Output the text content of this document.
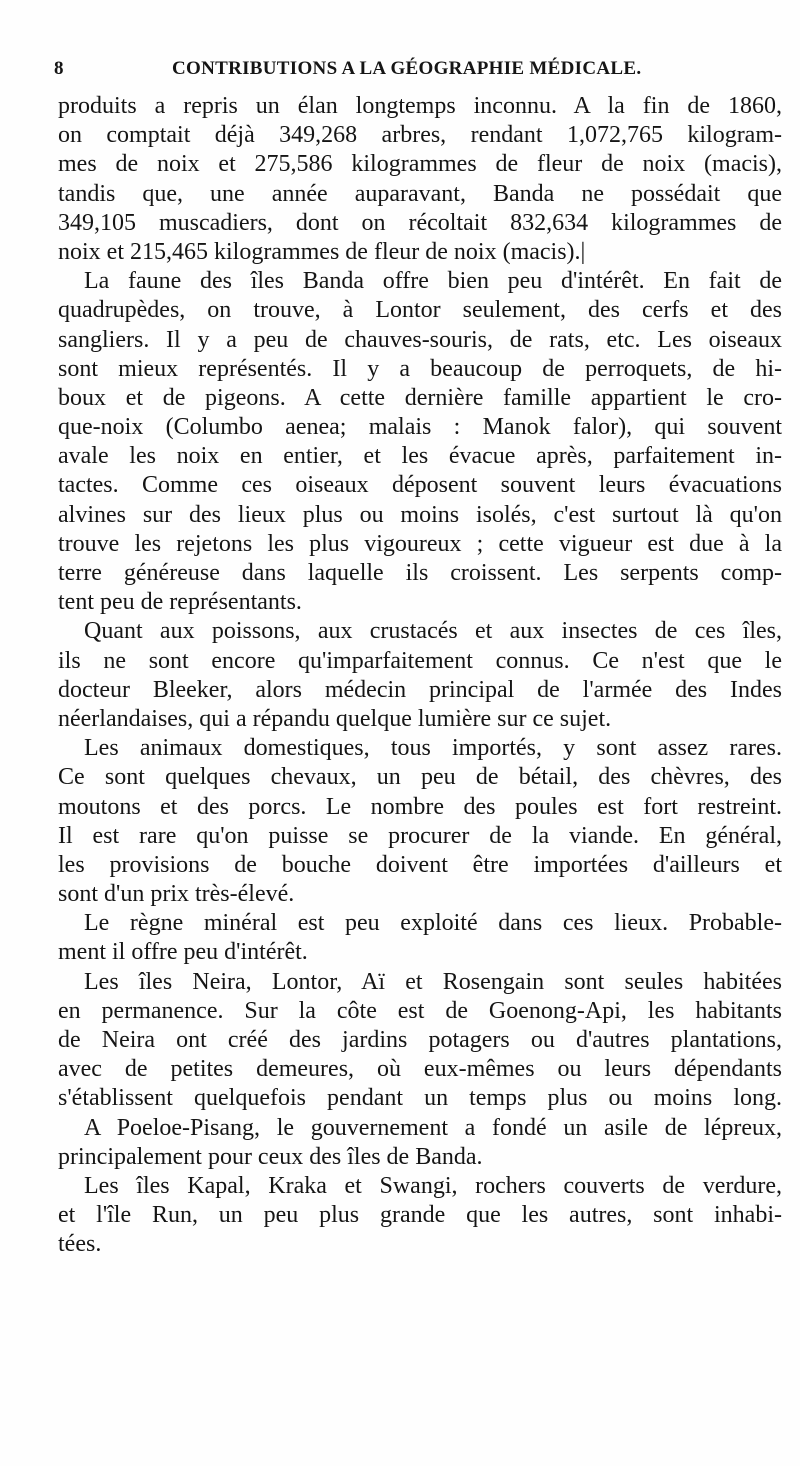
8	CONTRIBUTIONS A LA GÉOGRAPHIE MÉDICALE.
produits a repris un élan longtemps inconnu. A la fin de 1860,
on comptait déjà 349,268 arbres, rendant 1,072,765 kilogram-
mes de noix et 275,586 kilogrammes de fleur de noix (macis),
tandis que, une année auparavant, Banda ne possédait que
349,105 muscadiers, dont on récoltait 832,634 kilogrammes de
noix et 215,465 kilogrammes de fleur de noix (macis).|
La faune des îles Banda offre bien peu d'intérêt. En fait de
quadrupèdes, on trouve, à Lontor seulement, des cerfs et des
sangliers. Il y a peu de chauves-souris, de rats, etc. Les oiseaux
sont mieux représentés. Il y a beaucoup de perroquets, de hi-
boux et de pigeons. A cette dernière famille appartient le cro-
que-noix (Columbo aenea; malais : Manok falor), qui souvent
avale les noix en entier, et les évacue après, parfaitement in-
tactes. Comme ces oiseaux déposent souvent leurs évacuations
alvines sur des lieux plus ou moins isolés, c'est surtout là qu'on
trouve les rejetons les plus vigoureux ; cette vigueur est due à la
terre généreuse dans laquelle ils croissent. Les serpents comp-
tent peu de représentants.
Quant aux poissons, aux crustacés et aux insectes de ces îles,
ils ne sont encore qu'imparfaitement connus. Ce n'est que le
docteur Bleeker, alors médecin principal de l'armée des Indes
néerlandaises, qui a répandu quelque lumière sur ce sujet.
Les animaux domestiques, tous importés, y sont assez rares.
Ce sont quelques chevaux, un peu de bétail, des chèvres, des
moutons et des porcs. Le nombre des poules est fort restreint.
Il est rare qu'on puisse se procurer de la viande. En général,
les provisions de bouche doivent être importées d'ailleurs et
sont d'un prix très-élevé.
Le règne minéral est peu exploité dans ces lieux. Probable-
ment il offre peu d'intérêt.
Les îles Neira, Lontor, Aï et Rosengain sont seules habitées
en permanence. Sur la côte est de Goenong-Api, les habitants
de Neira ont créé des jardins potagers ou d'autres plantations,
avec de petites demeures, où eux-mêmes ou leurs dépendants
s'établissent quelquefois pendant un temps plus ou moins long.
A Poeloe-Pisang, le gouvernement a fondé un asile de lépreux,
principalement pour ceux des îles de Banda.
Les îles Kapal, Kraka et Swangi, rochers couverts de verdure,
et l'île Run, un peu plus grande que les autres, sont inhabi-
tées.
